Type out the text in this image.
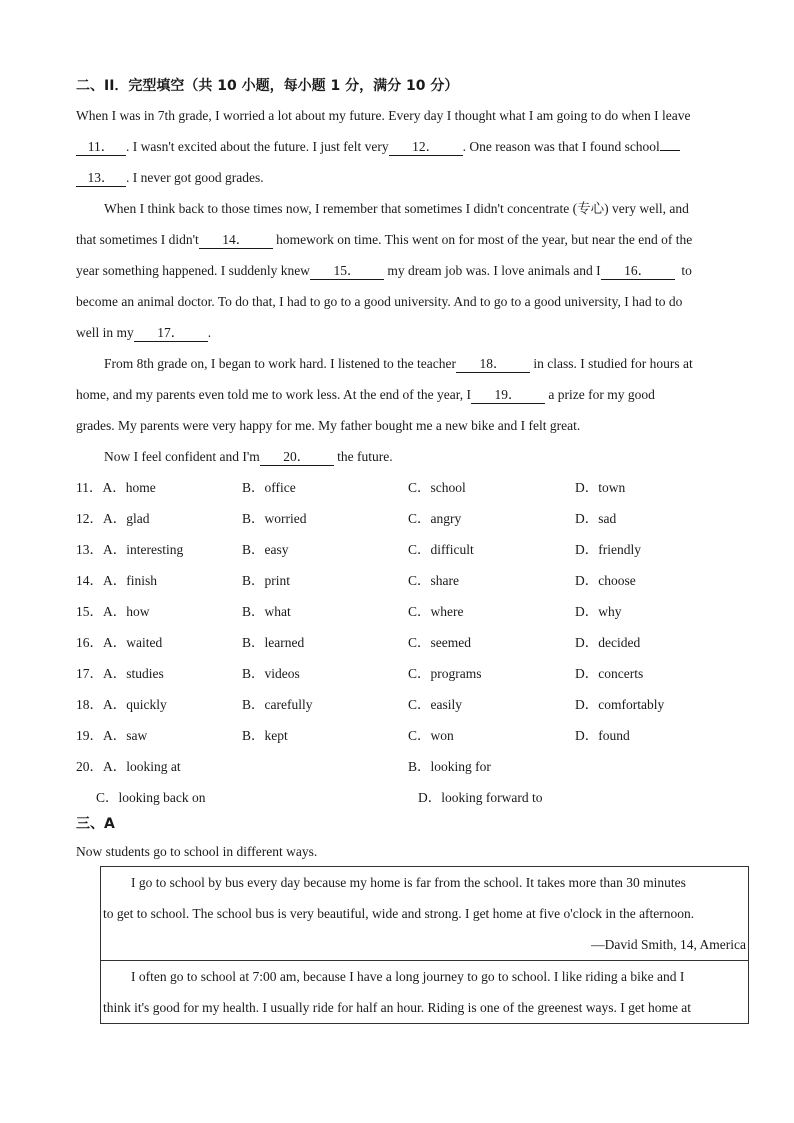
二、II．完型填空（共 10 小题，每小题 1 分，满分 10 分）
When I was in 7th grade, I worried a lot about my future. Every day I thought what I am going to do when I leave
11． . I wasn't excited about the future. I just felt very 12． . One reason was that I found school
13． . I never got good grades.
When I think back to those times now, I remember that sometimes I didn't concentrate (专心) very well, and
that sometimes I didn't 14． homework on time. This went on for most of the year, but near the end of the
year something happened. I suddenly knew 15． my dream job was. I love animals and I 16． to
become an animal doctor. To do that, I had to go to a good university. And to go to a good university, I had to do
well in my 17． .
From 8th grade on, I began to work hard. I listened to the teacher 18． in class. I studied for hours at
home, and my parents even told me to work less. At the end of the year, I 19． a prize for my good
grades. My parents were very happy for me. My father bought me a new bike and I felt great.
Now I feel confident and I'm 20． the future.
11．A．home	B．office	C．school	D．town
12．A．glad	B．worried	C．angry	D．sad
13．A．interesting	B．easy	C．difficult	D．friendly
14．A．finish	B．print	C．share	D．choose
15．A．how	B．what	C．where	D．why
16．A．waited	B．learned	C．seemed	D．decided
17．A．studies	B．videos	C．programs	D．concerts
18．A．quickly	B．carefully	C．easily	D．comfortably
19．A．saw	B．kept	C．won	D．found
20．A．looking at	B．looking for
C．looking back on	D．looking forward to
三、A
Now students go to school in different ways.
I go to school by bus every day because my home is far from the school. It takes more than 30 minutes
to get to school. The school bus is very beautiful, wide and strong. I get home at five o'clock in the afternoon.
—David Smith, 14, America
I often go to school at 7:00 am, because I have a long journey to go to school. I like riding a bike and I
think it's good for my health. I usually ride for half an hour. Riding is one of the greenest ways. I get home at
